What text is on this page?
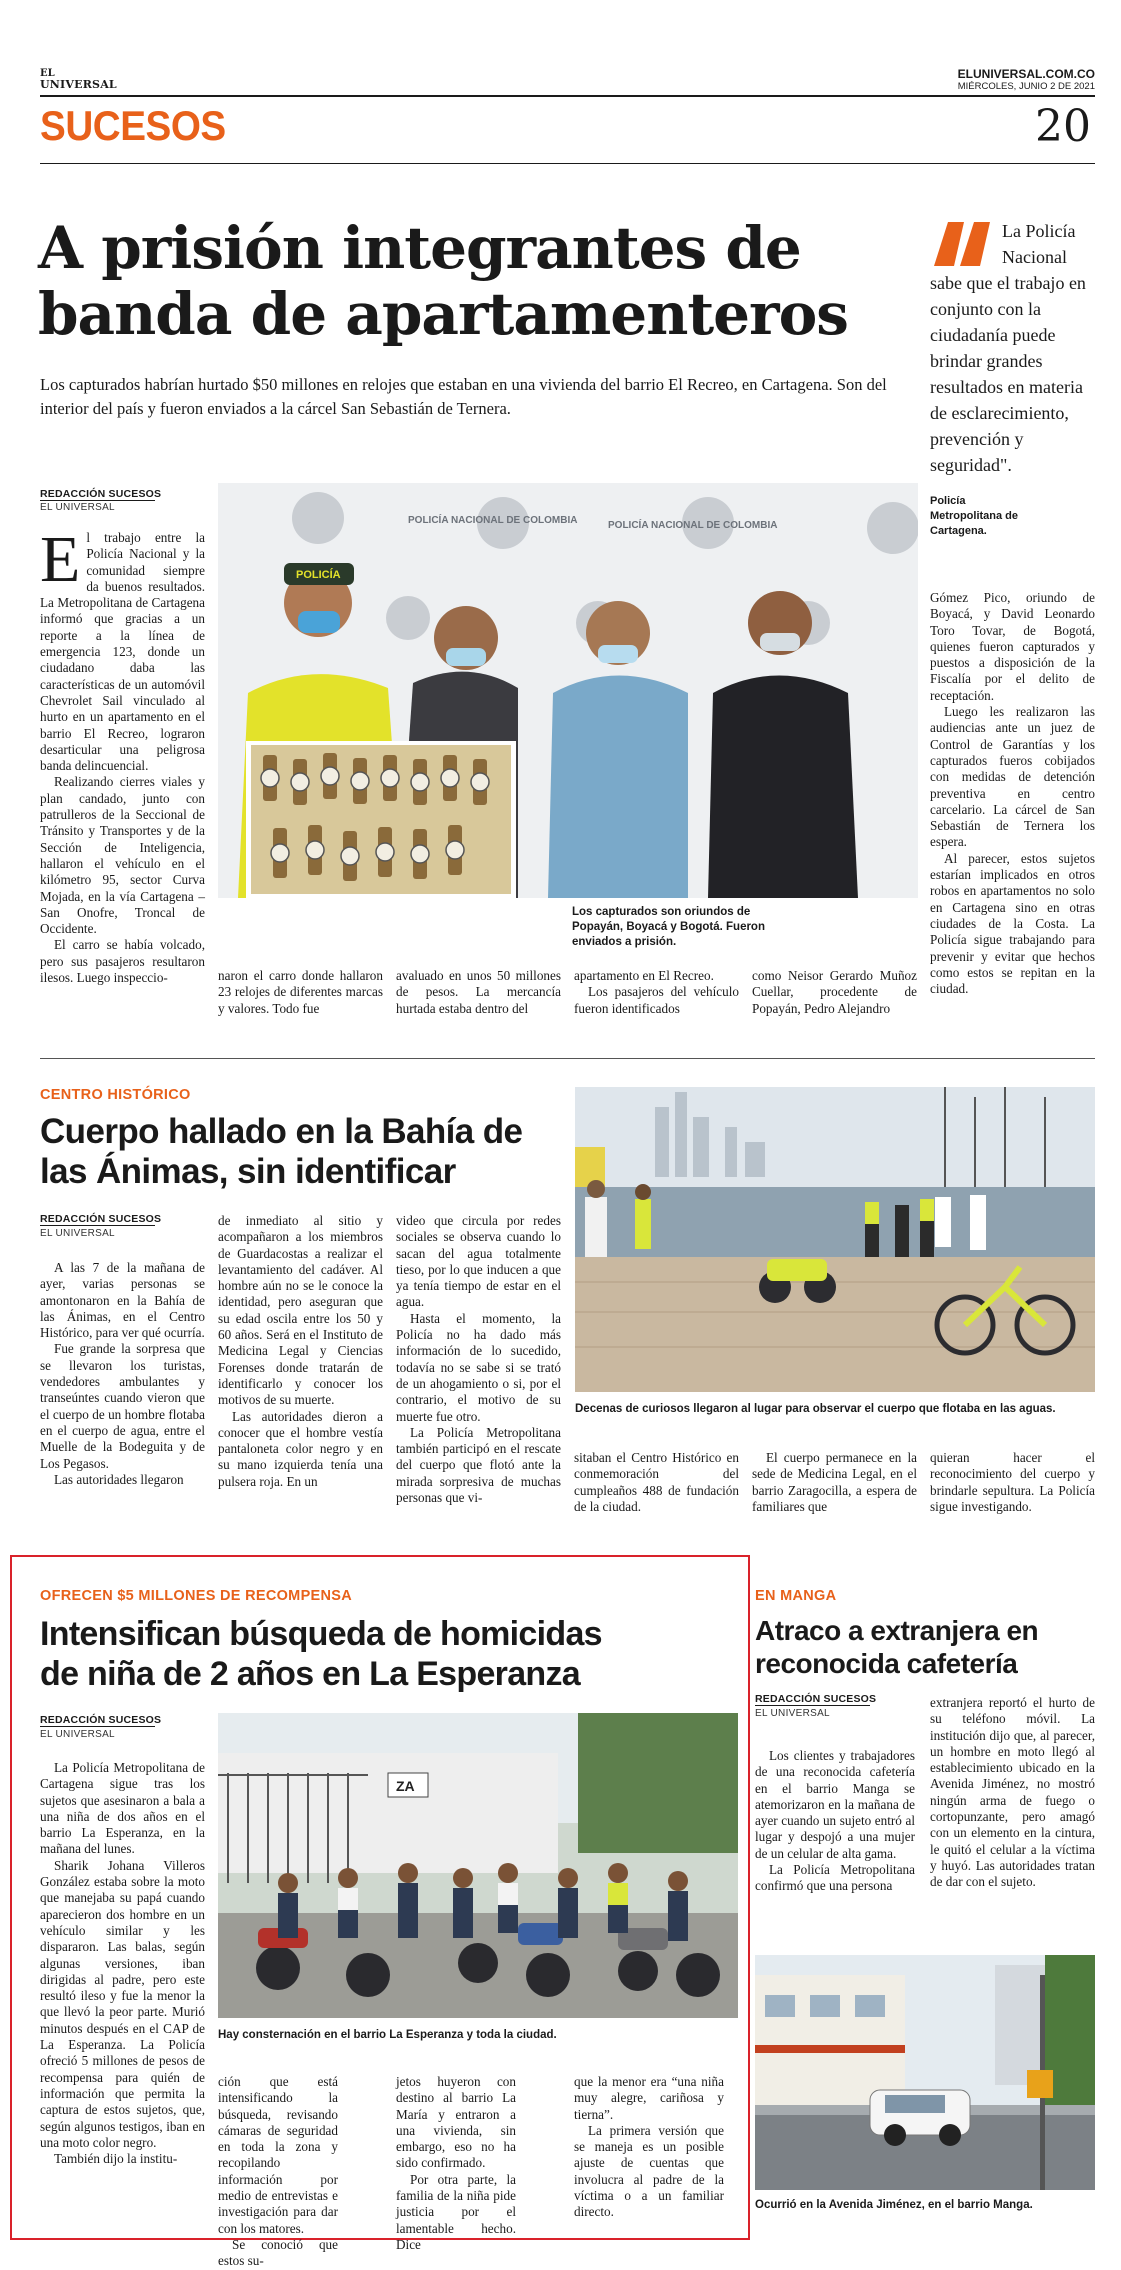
EL
UNIVERSAL
ELUNIVERSAL.COM.CO
MIÉRCOLES, JUNIO 2 DE 2021
SUCESOS	20
A prisión integrantes de
banda de apartamenteros
Los capturados habrían hurtado $50 millones en relojes que estaban en una vivienda del barrio El Recreo, en Cartagena. Son del interior del país y fueron enviados a la cárcel San Sebastián de Ternera.
La Policía Nacional sabe que el trabajo en conjunto con la ciudadanía puede brindar grandes resultados en materia de esclarecimiento, prevención y seguridad".
Policía Metropolitana de Cartagena.
REDACCIÓN SUCESOS
EL UNIVERSAL
POLICÍA NACIONAL DE COLOMBIA	POLICÍA NACIONAL DE COLOMBIA
POLICÍA
Los capturados son oriundos de Popayán, Boyacá y Bogotá. Fueron enviados a prisión.

El trabajo entre la Policía Nacional y la comunidad siempre da buenos resultados. La Metropolitana de Cartagena informó que gracias a un reporte a la línea de emergencia 123, donde un ciudadano dabа las características de un automóvil Chevrolet Sail vinculado al hurto en un apartamento en el barrio El Recreo, lograron desarticular una peligrosa banda delincuencial.

Realizando cierres viales y plan candado, junto con patrulleros de la Seccional de Tránsito y Transportes y de la Sección de Inteligencia, hallaron el vehículo en el kilómetro 95, sector Curva Mojada, en la vía Cartagena – San Onofre, Troncal de Occidente.

El carro se había volcado, pero sus pasajeros resultaron ilesos. Luego inspeccio-	naron el carro donde hallaron 23 relojes de diferentes marcas y valores. Todo fue

avaluado en unos 50 millones de pesos. La mercancía hurtada estaba dentro del

apartamento en El Recreo.

Los pasajeros del vehículo fueron identificados

como Neisor Gerardo Muñoz Cuellar, procedente de Popayán, Pedro Alejandro

Gómez Pico, oriundo de Boyacá, y David Leonardo Toro Tovar, de Bogotá, quienes fueron capturados y puestos a disposición de la Fiscalía por el delito de receptación.

Luego les realizaron las audiencias ante un juez de Control de Garantías y los capturados fueros cobijados con medidas de detención preventiva en centro carcelario. La cárcel de San Sebastián de Ternera los espera.

Al parecer, estos sujetos estarían implicados en otros robos en apartamentos no solo en Cartagena sino en otras ciudades de la Costa. La Policía sigue trabajando para prevenir y evitar que hechos como estos se repitan en la ciudad.

CENTRO HISTÓRICO
Cuerpo hallado en la Bahía de
las Ánimas, sin identificar
REDACCIÓN SUCESOS
EL UNIVERSAL
Decenas de curiosos llegaron al lugar para observar el cuerpo que flotaba en las aguas.

A las 7 de la mañana de ayer, varias personas se amontonaron en la Bahía de las Ánimas, en el Centro Histórico, para ver qué ocurría.

Fue grande la sorpresa que se llevaron los turistas, vendedores ambulantes y transeúntes cuando vieron que el cuerpo de un hombre flotaba en el cuerpo de agua, entre el Muelle de la Bodeguita y de Los Pegasos.

Las autoridades llegaron

de inmediato al sitio y acompañaron a los miembros de Guardacostas a realizar el levantamiento del cadáver. Al hombre aún no se le conoce la identidad, pero aseguran que su edad oscila entre los 50 y 60 años. Será en el Instituto de Medicina Legal y Ciencias Forenses donde tratarán de identificarlo y conocer los motivos de su muerte.

Las autoridades dieron a conocer que el hombre vestía pantaloneta color negro y en su mano izquierda tenía una pulsera roja. En un

video que circula por redes sociales se observa cuando lo sacan del agua totalmente tieso, por lo que inducen a que ya tenía tiempo de estar en el agua.

Hasta el momento, la Policía no ha dado más información de lo sucedido, todavía no se sabe si se trató de un ahogamiento o si, por el contrario, el motivo de su muerte fue otro.

La Policía Metropolitana también participó en el rescate del cuerpo que flotó ante la mirada sorpresiva de muchas personas que vi-

sitaban el Centro Histórico en conmemoración del cumpleaños 488 de fundación de la ciudad.

El cuerpo permanece en la sede de Medicina Legal, en el barrio Zaragocilla, a espera de familiares que

quieran hacer el reconocimiento del cuerpo y brindarle sepultura. La Policía sigue investigando.

OFRECEN $5 MILLONES DE RECOMPENSA
Intensifican búsqueda de homicidas
de niña de 2 años en La Esperanza
REDACCIÓN SUCESOS
EL UNIVERSAL
ZA
Hay consternación en el barrio La Esperanza y toda la ciudad.

La Policía Metropolitana de Cartagena sigue tras los sujetos que asesinaron a bala a una niña de dos años en el barrio La Esperanza, en la mañana del lunes.

Sharik Johana Villeros González estaba sobre la moto que manejaba su papá cuando aparecieron dos hombre en un vehículo similar y les dispararon. Las balas, según algunas versiones, iban dirigidas al padre, pero este resultó ileso y fue la menor la que llevó la peor parte. Murió minutos después en el CAP de La Esperanza. La Policía ofreció 5 millones de pesos de recompensa para quién de información que permita la captura de estos sujetos, que, según algunos testigos, iban en una moto color negro.

También dijo la institu-

ción que está intensificando la búsqueda, revisando cámaras de seguridad en toda la zona y recopilando información por medio de entrevistas e investigación para dar con los matores.

Se conoció que estos su-

jetos huyeron con destino al barrio La María y entraron a una vivienda, sin embargo, eso no ha sido confirmado.

Por otra parte, la familia de la niña pide justicia por el lamentable hecho. Dice

que la menor era “una niña muy alegre, cariñosa y tierna”.

La primera versión que se maneja es un posible ajuste de cuentas que involucra al padre de la víctima o a un familiar directo.

EN MANGA
Atraco a extranjera en
reconocida cafetería
REDACCIÓN SUCESOS
EL UNIVERSAL

Los clientes y trabajadores de una reconocida cafetería en el barrio Manga se atemorizaron en la mañana de ayer cuando un sujeto entró al lugar y despojó a una mujer de un celular de alta gama.

La Policía Metropolitana confirmó que una persona

extranjera reportó el hurto de su teléfono móvil. La institución dijo que, al parecer, un hombre en moto llegó al establecimiento ubicado en la Avenida Jiménez, no mostró ningún arma de fuego o cortopunzante, pero amagó con un elemento en la cintura, le quitó el celular a la víctima y huyó. Las autoridades tratan de dar con el sujeto.

Ocurrió en la Avenida Jiménez, en el barrio Manga.
